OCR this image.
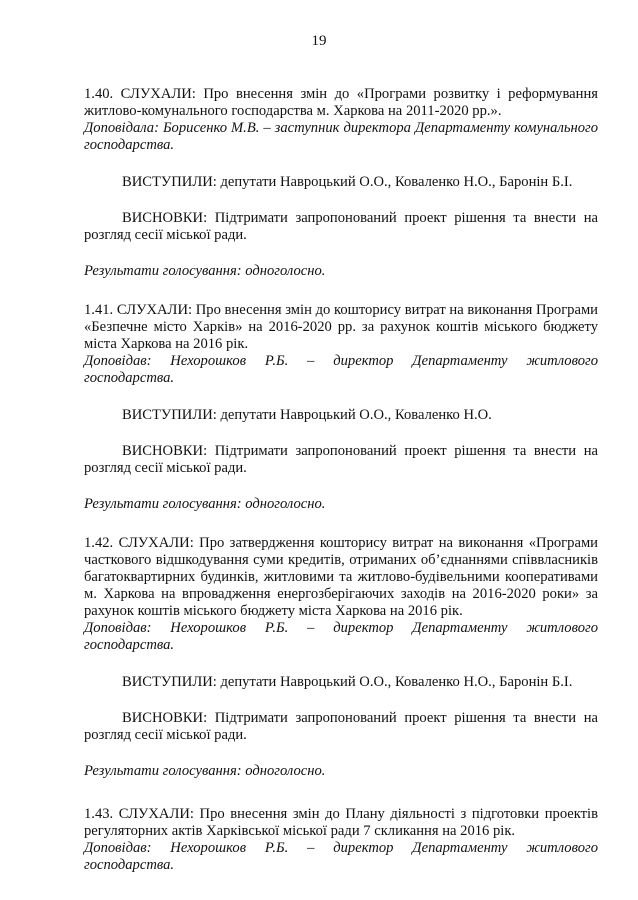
19

1.40. СЛУХАЛИ: Про внесення змін до «Програми розвитку і реформування житлово-комунального господарства м. Харкова на 2011-2020 рр.».

Доповідала: Борисенко М.В. – заступник директора Департаменту комунального господарства.

ВИСТУПИЛИ: депутати Навроцький О.О., Коваленко Н.О., Баронін Б.І.

ВИСНОВКИ: Підтримати запропонований проект рішення та внести на розгляд сесії міської ради.

Результати голосування: одноголосно.

1.41. СЛУХАЛИ: Про внесення змін до кошторису витрат на виконання Програми «Безпечне місто Харків» на 2016-2020 рр. за рахунок коштів міського бюджету міста Харкова на 2016 рік.

Доповідав: Нехорошков Р.Б. – директор Департаменту житлового господарства.

ВИСТУПИЛИ: депутати Навроцький О.О., Коваленко Н.О.

ВИСНОВКИ: Підтримати запропонований проект рішення та внести на розгляд сесії міської ради.

Результати голосування: одноголосно.

1.42. СЛУХАЛИ: Про затвердження кошторису витрат на виконання «Програми часткового відшкодування суми кредитів, отриманих об’єднаннями співвласників багатоквартирних будинків, житловими та житлово-будівельними кооперативами м. Харкова на впровадження енергозберігаючих заходів на 2016-2020 роки» за рахунок коштів міського бюджету міста Харкова на 2016 рік.

Доповідав: Нехорошков Р.Б. – директор Департаменту житлового господарства.

ВИСТУПИЛИ: депутати Навроцький О.О., Коваленко Н.О., Баронін Б.І.

ВИСНОВКИ: Підтримати запропонований проект рішення та внести на розгляд сесії міської ради.

Результати голосування: одноголосно.

1.43. СЛУХАЛИ: Про внесення змін до Плану діяльності з підготовки проектів регуляторних актів Харківської міської ради 7 скликання на 2016 рік.

Доповідав: Нехорошков Р.Б. – директор Департаменту житлового господарства.
